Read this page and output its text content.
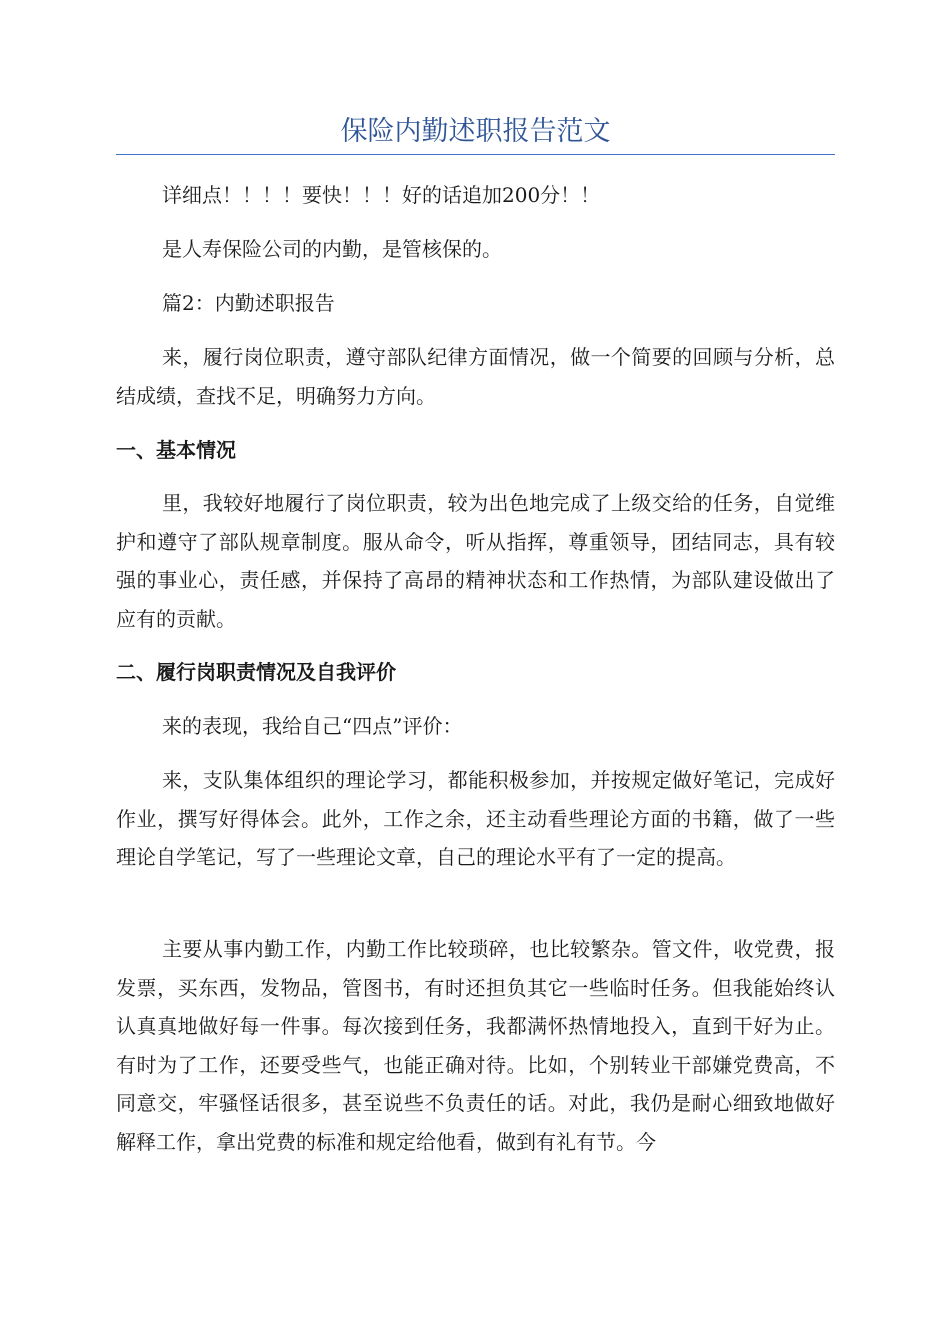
保险内勤述职报告范文

详细点！！！！要快！！！好的话追加200分！！

是人寿保险公司的内勤，是管核保的。

篇2：内勤述职报告

来，履行岗位职责，遵守部队纪律方面情况，做一个简要的回顾与分析，总结成绩，查找不足，明确努力方向。

一、基本情况

里，我较好地履行了岗位职责，较为出色地完成了上级交给的任务，自觉维护和遵守了部队规章制度。服从命令，听从指挥，尊重领导，团结同志，具有较强的事业心，责任感，并保持了高昂的精神状态和工作热情，为部队建设做出了应有的贡献。

二、履行岗职责情况及自我评价

来的表现，我给自己“四点”评价：

来，支队集体组织的理论学习，都能积极参加，并按规定做好笔记，完成好作业，撰写好得体会。此外，工作之余，还主动看些理论方面的书籍，做了一些理论自学笔记，写了一些理论文章，自己的理论水平有了一定的提高。

主要从事内勤工作，内勤工作比较琐碎，也比较繁杂。管文件，收党费，报发票，买东西，发物品，管图书，有时还担负其它一些临时任务。但我能始终认认真真地做好每一件事。每次接到任务，我都满怀热情地投入，直到干好为止。有时为了工作，还要受些气，也能正确对待。比如，个别转业干部嫌党费高，不同意交，牢骚怪话很多，甚至说些不负责任的话。对此，我仍是耐心细致地做好解释工作，拿出党费的标准和规定给他看，做到有礼有节。今
